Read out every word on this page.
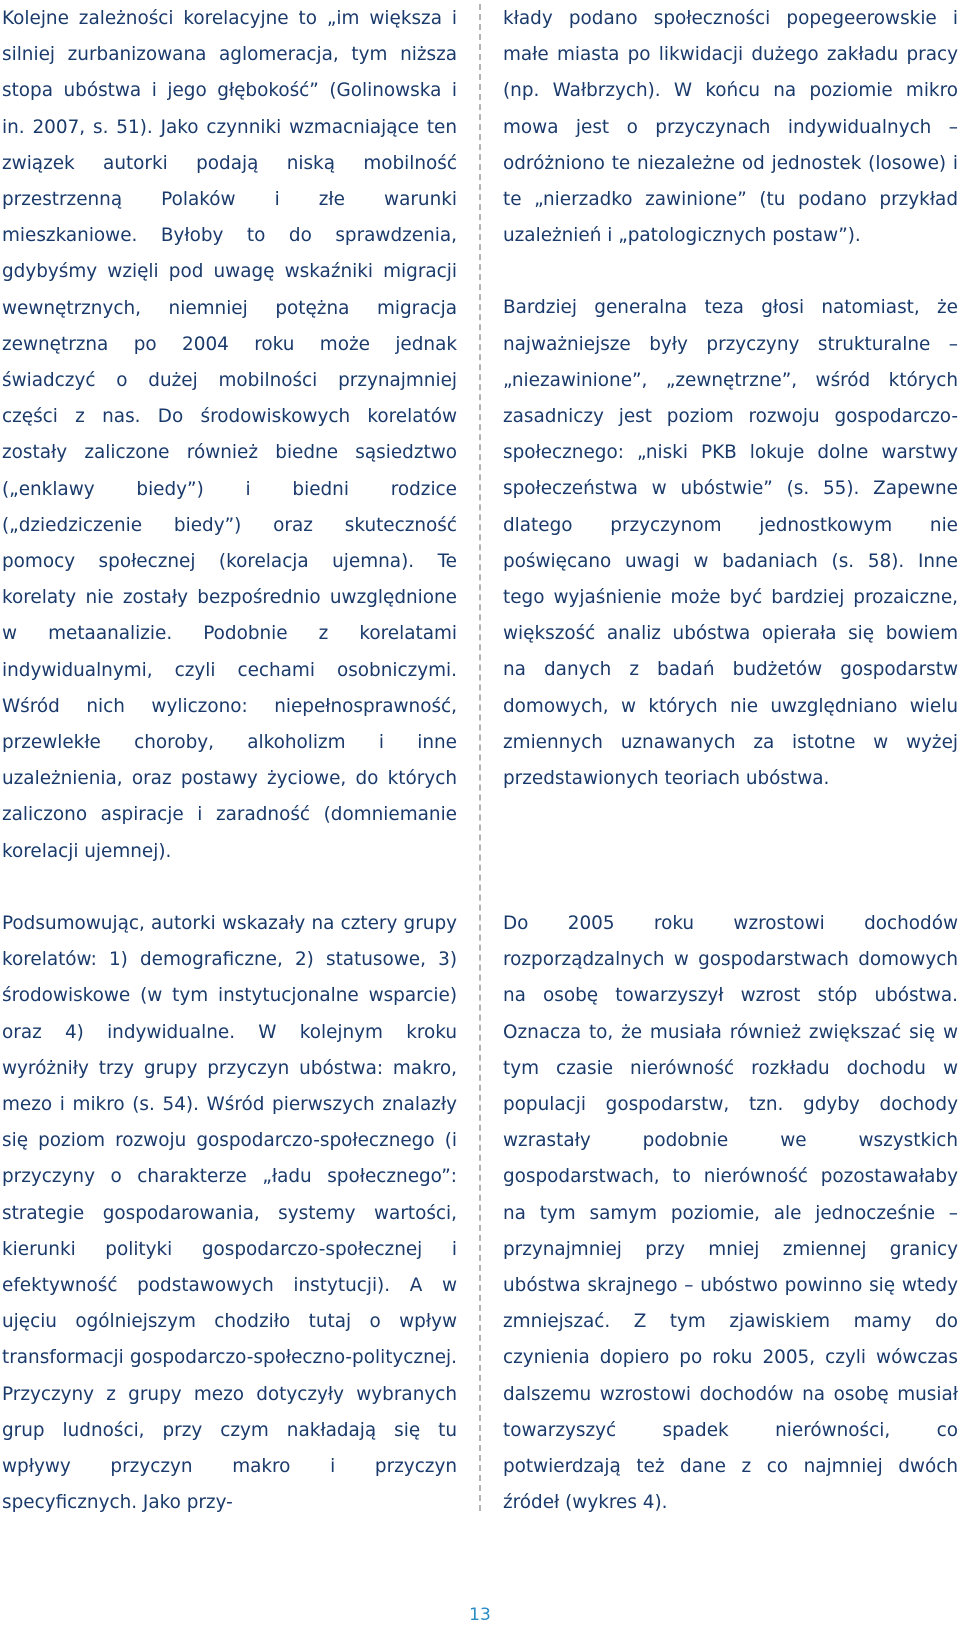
Kolejne zależności korelacyjne to „im większa i silniej zurbanizowana aglomeracja, tym niższa stopa ubóstwa i jego głębokość” (Golinowska i in. 2007, s. 51). Jako czynniki wzmacniające ten związek autorki podają niską mobilność przestrzenną Polaków i złe warunki mieszkaniowe. Byłoby to do sprawdzenia, gdybyśmy wzięli pod uwagę wskaźniki migracji wewnętrznych, niemniej potężna migracja zewnętrzna po 2004 roku może jednak świadczyć o dużej mobilności przynajmniej części z nas. Do środowiskowych korelatów zostały zaliczone również biedne sąsiedztwo („enklawy biedy”) i biedni rodzice („dziedziczenie biedy”) oraz skuteczność pomocy społecznej (korelacja ujemna). Te korelaty nie zostały bezpośrednio uwzględnione w metaanalizie. Podobnie z korelatami indywidualnymi, czyli cechami osobniczymi. Wśród nich wyliczono: niepełnosprawność, przewlekłe choroby, alkoholizm i inne uzależnienia, oraz postawy życiowe, do których zaliczono aspiracje i zaradność (domniemanie korelacji ujemnej).

Podsumowując, autorki wskazały na cztery grupy korelatów: 1) demograficzne, 2) statusowe, 3) środowiskowe (w tym instytucjonalne wsparcie) oraz 4) indywidualne. W kolejnym kroku wyróżniły trzy grupy przyczyn ubóstwa: makro, mezo i mikro (s. 54). Wśród pierwszych znalazły się poziom rozwoju gospodarczo-społecznego (i przyczyny o charakterze „ładu społecznego”: strategie gospodarowania, systemy wartości, kierunki polityki gospodarczo-społecznej i efektywność podstawowych instytucji). A w ujęciu ogólniejszym chodziło tutaj o wpływ transformacji gospodarczo-społeczno-politycznej. Przyczyny z grupy mezo dotyczyły wybranych grup ludności, przy czym nakładają się tu wpływy przyczyn makro i przyczyn specyficznych. Jako przy-

kłady podano społeczności popegeerowskie i małe miasta po likwidacji dużego zakładu pracy (np. Wałbrzych). W końcu na poziomie mikro mowa jest o przyczynach indywidualnych – odróżniono te niezależne od jednostek (losowe) i te „nierzadko zawinione” (tu podano przykład uzależnień i „patologicznych postaw”).

Bardziej generalna teza głosi natomiast, że najważniejsze były przyczyny strukturalne – „niezawinione”, „zewnętrzne”, wśród których zasadniczy jest poziom rozwoju gospodarczo-społecznego: „niski PKB lokuje dolne warstwy społeczeństwa w ubóstwie” (s. 55). Zapewne dlatego przyczynom jednostkowym nie poświęcano uwagi w badaniach (s. 58). Inne tego wyjaśnienie może być bardziej prozaiczne, większość analiz ubóstwa opierała się bowiem na danych z badań budżetów gospodarstw domowych, w których nie uwzględniano wielu zmiennych uznawanych za istotne w wyżej przedstawionych teoriach ubóstwa.

Do 2005 roku wzrostowi dochodów rozporządzalnych w gospodarstwach domowych na osobę towarzyszył wzrost stóp ubóstwa. Oznacza to, że musiała również zwiększać się w tym czasie nierówność rozkładu dochodu w populacji gospodarstw, tzn. gdyby dochody wzrastały podobnie we wszystkich gospodarstwach, to nierówność pozostawałaby na tym samym poziomie, ale jednocześnie – przynajmniej przy mniej zmiennej granicy ubóstwa skrajnego – ubóstwo powinno się wtedy zmniejszać. Z tym zjawiskiem mamy do czynienia dopiero po roku 2005, czyli wówczas dalszemu wzrostowi dochodów na osobę musiał towarzyszyć spadek nierówności, co potwierdzają też dane z co najmniej dwóch źródeł (wykres 4).

13
